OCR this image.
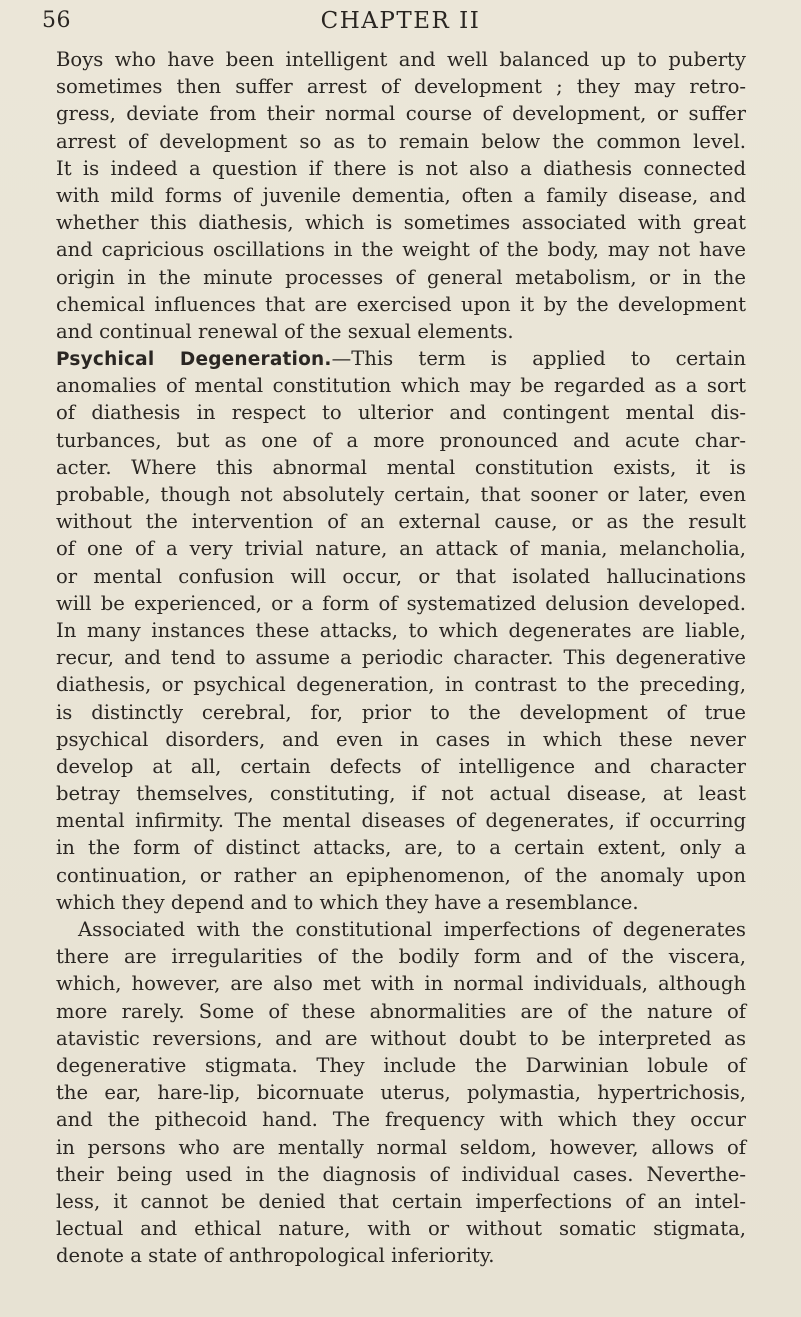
56	CHAPTER II
Boys who have been intelligent and well balanced up to puberty
sometimes then suffer arrest of development ; they may retro-
gress, deviate from their normal course of development, or suffer
arrest of development so as to remain below the common level.
It is indeed a question if there is not also a diathesis connected
with mild forms of juvenile dementia, often a family disease, and
whether this diathesis, which is sometimes associated with great
and capricious oscillations in the weight of the body, may not have
origin in the minute processes of general metabolism, or in the
chemical influences that are exercised upon it by the development
and continual renewal of the sexual elements.
Psychical Degeneration.—This term is applied to certain
anomalies of mental constitution which may be regarded as a sort
of diathesis in respect to ulterior and contingent mental dis-
turbances, but as one of a more pronounced and acute char-
acter. Where this abnormal mental constitution exists, it is
probable, though not absolutely certain, that sooner or later, even
without the intervention of an external cause, or as the result
of one of a very trivial nature, an attack of mania, melancholia,
or mental confusion will occur, or that isolated hallucinations
will be experienced, or a form of systematized delusion developed.
In many instances these attacks, to which degenerates are liable,
recur, and tend to assume a periodic character. This degenerative
diathesis, or psychical degeneration, in contrast to the preceding,
is distinctly cerebral, for, prior to the development of true
psychical disorders, and even in cases in which these never
develop at all, certain defects of intelligence and character
betray themselves, constituting, if not actual disease, at least
mental infirmity. The mental diseases of degenerates, if occurring
in the form of distinct attacks, are, to a certain extent, only a
continuation, or rather an epiphenomenon, of the anomaly upon
which they depend and to which they have a resemblance.
Associated with the constitutional imperfections of degenerates
there are irregularities of the bodily form and of the viscera,
which, however, are also met with in normal individuals, although
more rarely. Some of these abnormalities are of the nature of
atavistic reversions, and are without doubt to be interpreted as
degenerative stigmata. They include the Darwinian lobule of
the ear, hare-lip, bicornuate uterus, polymastia, hypertrichosis,
and the pithecoid hand. The frequency with which they occur
in persons who are mentally normal seldom, however, allows of
their being used in the diagnosis of individual cases. Neverthe-
less, it cannot be denied that certain imperfections of an intel-
lectual and ethical nature, with or without somatic stigmata,
denote a state of anthropological inferiority.
